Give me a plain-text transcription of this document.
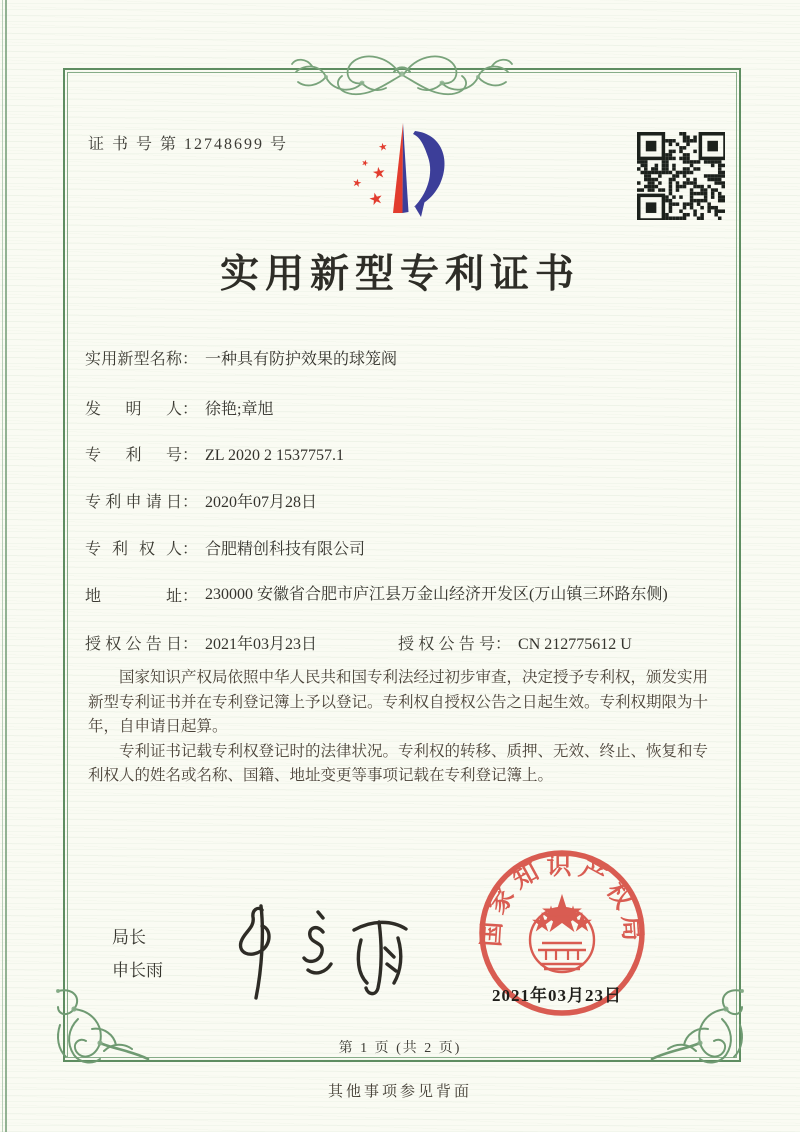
证 书 号 第 12748699 号
实用新型专利证书
实用新型名称： 一种具有防护效果的球笼阀
发明人： 徐艳;章旭
专利号： ZL 2020 2 1537757.1
专利申请日： 2020年07月28日
专利权人： 合肥精创科技有限公司
地址： 230000 安徽省合肥市庐江县万金山经济开发区(万山镇三环路东侧)
授权公告日： 2021年03月23日	授权公告号： CN 212775612 U

国家知识产权局依照中华人民共和国专利法经过初步审查，决定授予专利权，颁发实用新型专利证书并在专利登记簿上予以登记。专利权自授权公告之日起生效。专利权期限为十年，自申请日起算。

专利证书记载专利权登记时的法律状况。专利权的转移、质押、无效、终止、恢复和专利权人的姓名或名称、国籍、地址变更等事项记载在专利登记簿上。

局长
申长雨
国家知识产权局
2021年03月23日
第 1 页 (共 2 页)
其他事项参见背面
